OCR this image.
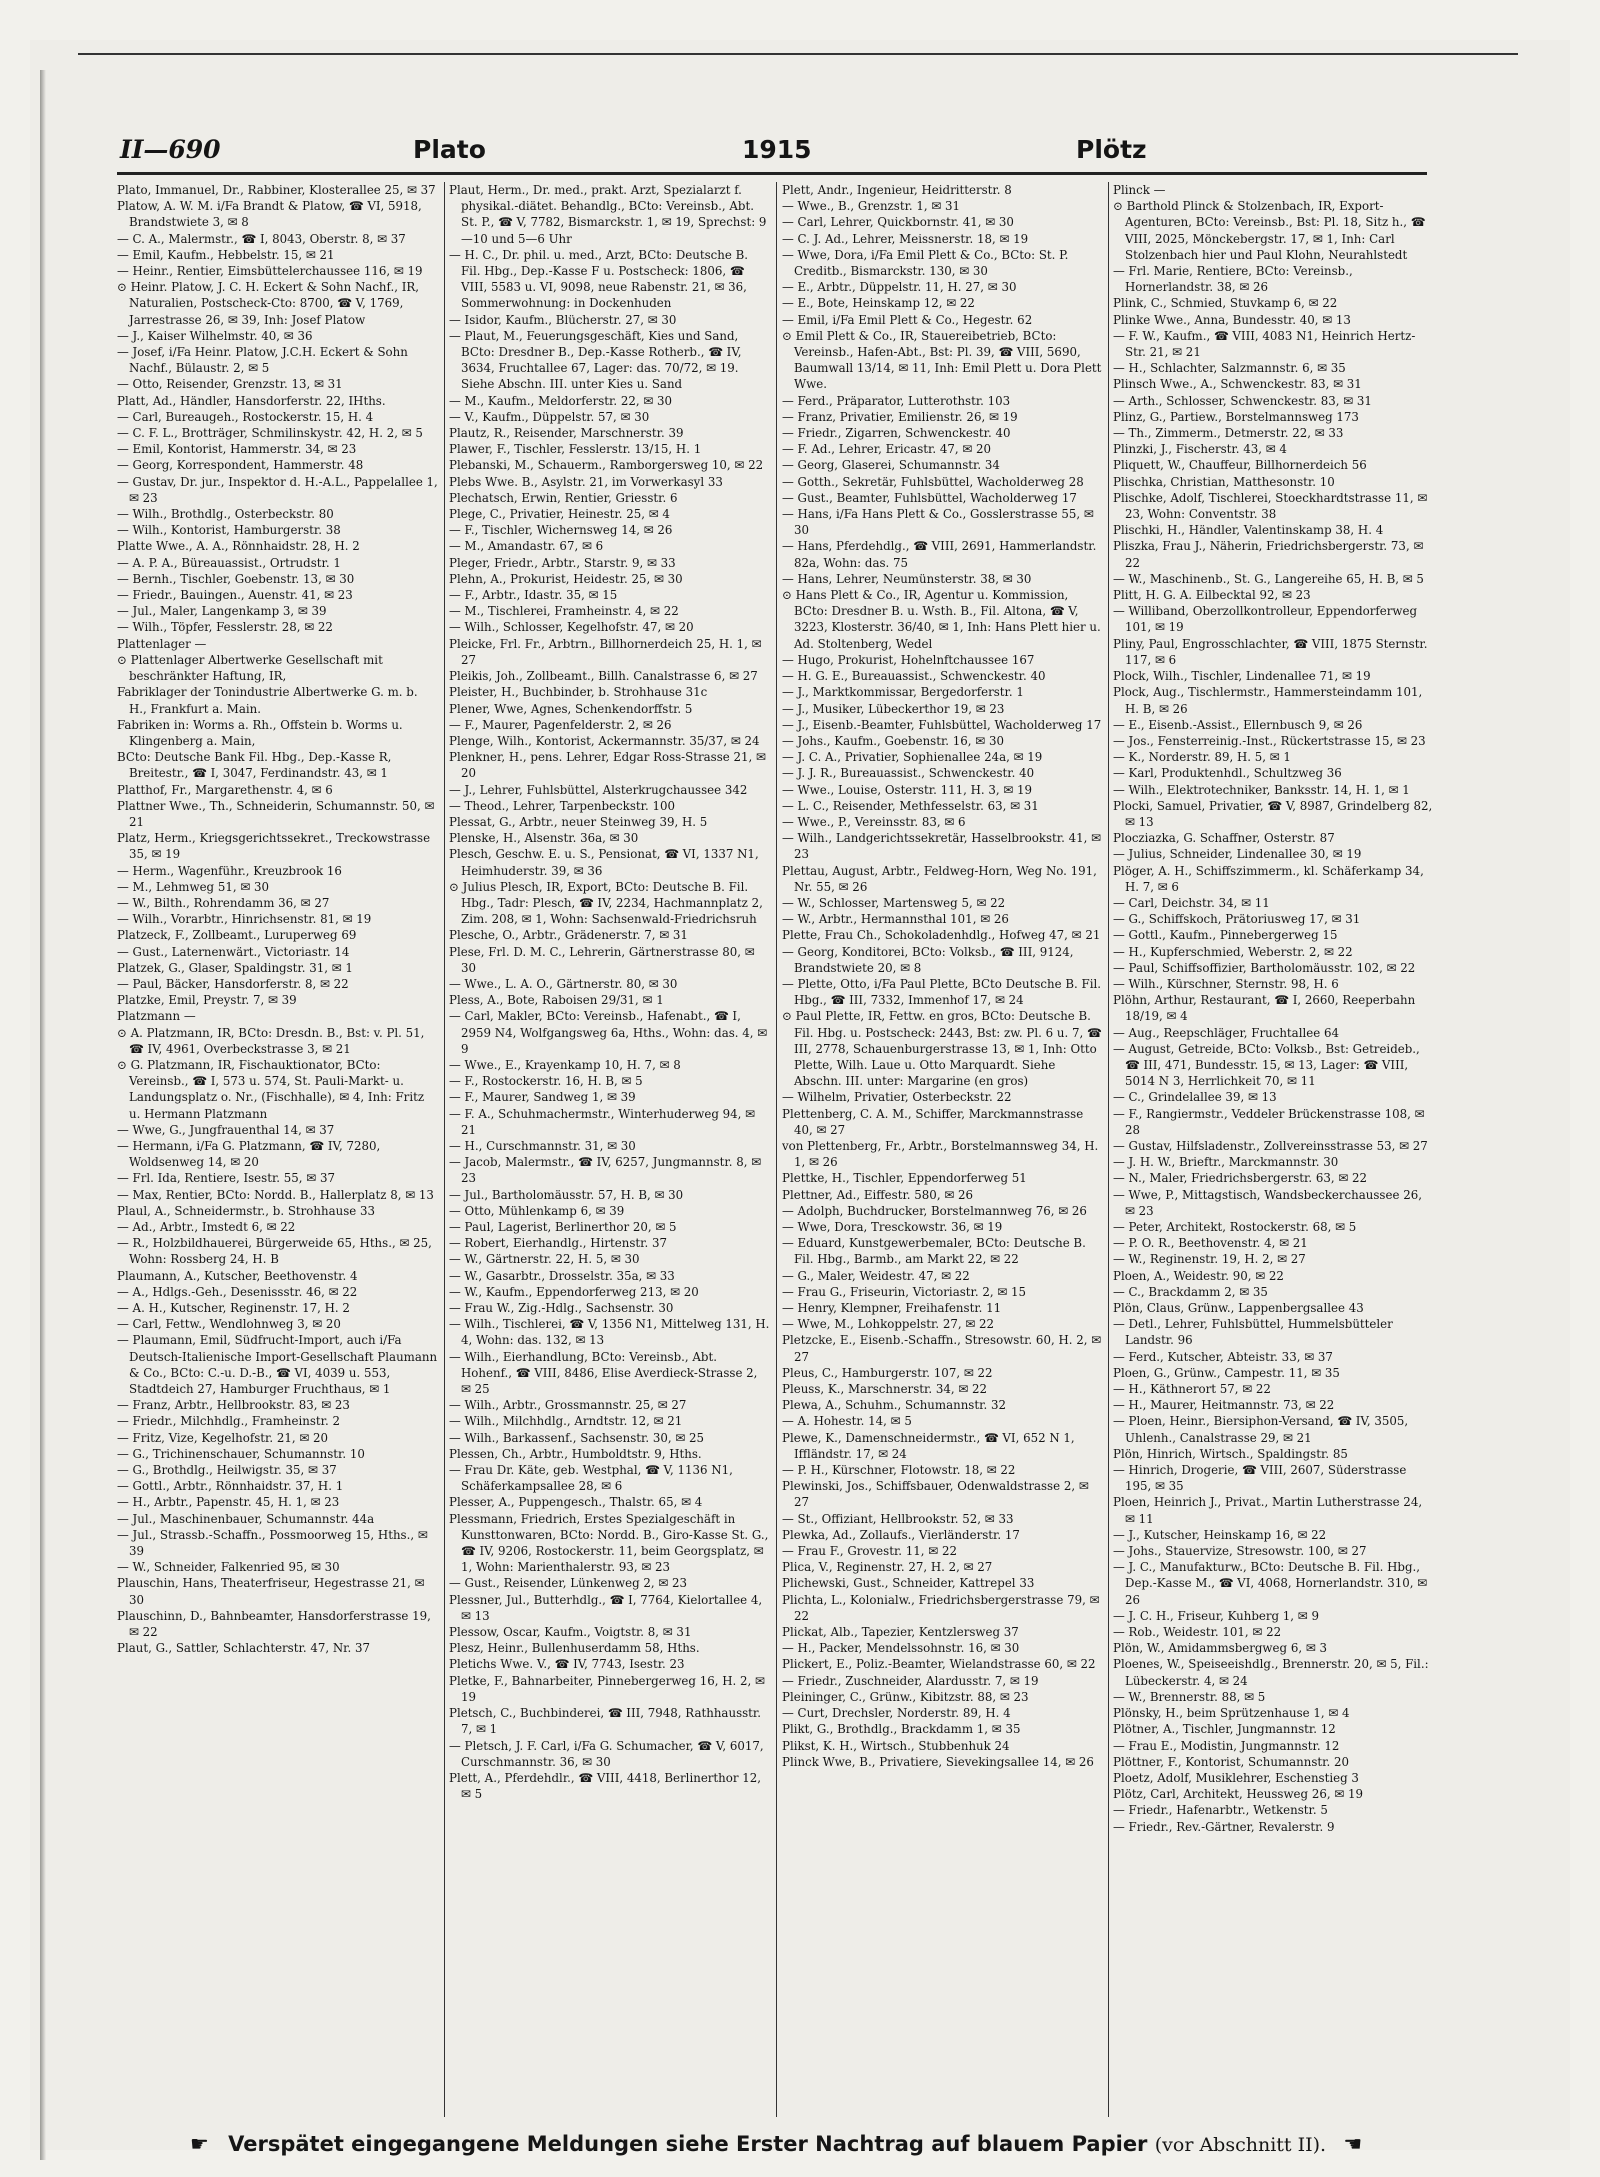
II—690	Plato	1915	Plötz

Plato, Immanuel, Dr., Rabbiner, Klosterallee 25, ✉ 37

Platow, A. W. M. i/Fa Brandt & Platow, ☎ VI, 5918, Brandstwiete 3, ✉ 8

— C. A., Malermstr., ☎ I, 8043, Oberstr. 8, ✉ 37

— Emil, Kaufm., Hebbelstr. 15, ✉ 21

— Heinr., Rentier, Eimsbüttelerchaussee 116, ✉ 19

⊙ Heinr. Platow, J. C. H. Eckert & Sohn Nachf., IR, Naturalien, Postscheck-Cto: 8700, ☎ V, 1769, Jarrestrasse 26, ✉ 39, Inh: Josef Platow

— J., Kaiser Wilhelmstr. 40, ✉ 36

— Josef, i/Fa Heinr. Platow, J.C.H. Eckert & Sohn Nachf., Bülaustr. 2, ✉ 5

— Otto, Reisender, Grenzstr. 13, ✉ 31

Platt, Ad., Händler, Hansdorferstr. 22, IHths.

— Carl, Bureaugeh., Rostockerstr. 15, H. 4

— C. F. L., Brotträger, Schmilinskystr. 42, H. 2, ✉ 5

— Emil, Kontorist, Hammerstr. 34, ✉ 23

— Georg, Korrespondent, Hammerstr. 48

— Gustav, Dr. jur., Inspektor d. H.-A.L., Pappelallee 1, ✉ 23

— Wilh., Brothdlg., Osterbeckstr. 80

— Wilh., Kontorist, Hamburgerstr. 38

Platte Wwe., A. A., Rönnhaidstr. 28, H. 2

— A. P. A., Büreauassist., Ortrudstr. 1

— Bernh., Tischler, Goebenstr. 13, ✉ 30

— Friedr., Bauingen., Auenstr. 41, ✉ 23

— Jul., Maler, Langenkamp 3, ✉ 39

— Wilh., Töpfer, Fesslerstr. 28, ✉ 22

Plattenlager —

⊙ Plattenlager Albertwerke Gesellschaft mit beschränkter Haftung, IR,

Fabriklager der Tonindustrie Albertwerke G. m. b. H., Frankfurt a. Main.

Fabriken in: Worms a. Rh., Offstein b. Worms u. Klingenberg a. Main,

BCto: Deutsche Bank Fil. Hbg., Dep.-Kasse R, Breitestr., ☎ I, 3047, Ferdinandstr. 43, ✉ 1

Platthof, Fr., Margarethenstr. 4, ✉ 6

Plattner Wwe., Th., Schneiderin, Schumannstr. 50, ✉ 21

Platz, Herm., Kriegsgerichtssekret., Treckowstrasse 35, ✉ 19

— Herm., Wagenführ., Kreuzbrook 16

— M., Lehmweg 51, ✉ 30

— W., Bilth., Rohrendamm 36, ✉ 27

— Wilh., Vorarbtr., Hinrichsenstr. 81, ✉ 19

Platzeck, F., Zollbeamt., Luruperweg 69

— Gust., Laternenwärt., Victoriastr. 14

Platzek, G., Glaser, Spaldingstr. 31, ✉ 1

— Paul, Bäcker, Hansdorferstr. 8, ✉ 22

Platzke, Emil, Preystr. 7, ✉ 39

Platzmann —

⊙ A. Platzmann, IR, BCto: Dresdn. B., Bst: v. Pl. 51, ☎ IV, 4961, Overbeckstrasse 3, ✉ 21

⊙ G. Platzmann, IR, Fischauktionator, BCto: Vereinsb., ☎ I, 573 u. 574, St. Pauli-Markt- u. Landungsplatz o. Nr., (Fischhalle), ✉ 4, Inh: Fritz u. Hermann Platzmann

— Wwe, G., Jungfrauenthal 14, ✉ 37

— Hermann, i/Fa G. Platzmann, ☎ IV, 7280, Woldsenweg 14, ✉ 20

— Frl. Ida, Rentiere, Isestr. 55, ✉ 37

— Max, Rentier, BCto: Nordd. B., Hallerplatz 8, ✉ 13

Plaul, A., Schneidermstr., b. Strohhause 33

— Ad., Arbtr., Imstedt 6, ✉ 22

— R., Holzbildhauerei, Bürgerweide 65, Hths., ✉ 25, Wohn: Rossberg 24, H. B

Plaumann, A., Kutscher, Beethovenstr. 4

— A., Hdlgs.-Geh., Desenissstr. 46, ✉ 22

— A. H., Kutscher, Reginenstr. 17, H. 2

— Carl, Fettw., Wendlohnweg 3, ✉ 20

— Plaumann, Emil, Südfrucht-Import, auch i/Fa Deutsch-Italienische Import-Gesellschaft Plaumann & Co., BCto: C.-u. D.-B., ☎ VI, 4039 u. 553, Stadtdeich 27, Hamburger Fruchthaus, ✉ 1

— Franz, Arbtr., Hellbrookstr. 83, ✉ 23

— Friedr., Milchhdlg., Framheinstr. 2

— Fritz, Vize, Kegelhofstr. 21, ✉ 20

— G., Trichinenschauer, Schumannstr. 10

— G., Brothdlg., Heilwigstr. 35, ✉ 37

— Gottl., Arbtr., Rönnhaidstr. 37, H. 1

— H., Arbtr., Papenstr. 45, H. 1, ✉ 23

— Jul., Maschinenbauer, Schumannstr. 44a

— Jul., Strassb.-Schaffn., Possmoorweg 15, Hths., ✉ 39

— W., Schneider, Falkenried 95, ✉ 30

Plauschin, Hans, Theaterfriseur, Hegestrasse 21, ✉ 30

Plauschinn, D., Bahnbeamter, Hansdorferstrasse 19, ✉ 22

Plaut, G., Sattler, Schlachterstr. 47, Nr. 37

Plaut, Herm., Dr. med., prakt. Arzt, Spezialarzt f. physikal.-diätet. Behandlg., BCto: Vereinsb., Abt. St. P., ☎ V, 7782, Bismarckstr. 1, ✉ 19, Sprechst: 9—10 und 5—6 Uhr

— H. C., Dr. phil. u. med., Arzt, BCto: Deutsche B. Fil. Hbg., Dep.-Kasse F u. Postscheck: 1806, ☎ VIII, 5583 u. VI, 9098, neue Rabenstr. 21, ✉ 36, Sommerwohnung: in Dockenhuden

— Isidor, Kaufm., Blücherstr. 27, ✉ 30

— Plaut, M., Feuerungsgeschäft, Kies und Sand, BCto: Dresdner B., Dep.-Kasse Rotherb., ☎ IV, 3634, Fruchtallee 67, Lager: das. 70/72, ✉ 19. Siehe Abschn. III. unter Kies u. Sand

— M., Kaufm., Meldorferstr. 22, ✉ 30

— V., Kaufm., Düppelstr. 57, ✉ 30

Plautz, R., Reisender, Marschnerstr. 39

Plawer, F., Tischler, Fesslerstr. 13/15, H. 1

Plebanski, M., Schauerm., Ramborgersweg 10, ✉ 22

Plebs Wwe. B., Asylstr. 21, im Vorwerkasyl 33

Plechatsch, Erwin, Rentier, Griesstr. 6

Plege, C., Privatier, Heinestr. 25, ✉ 4

— F., Tischler, Wichernsweg 14, ✉ 26

— M., Amandastr. 67, ✉ 6

Pleger, Friedr., Arbtr., Starstr. 9, ✉ 33

Plehn, A., Prokurist, Heidestr. 25, ✉ 30

— F., Arbtr., Idastr. 35, ✉ 15

— M., Tischlerei, Framheinstr. 4, ✉ 22

— Wilh., Schlosser, Kegelhofstr. 47, ✉ 20

Pleicke, Frl. Fr., Arbtrn., Billhornerdeich 25, H. 1, ✉ 27

Pleikis, Joh., Zollbeamt., Billh. Canalstrasse 6, ✉ 27

Pleister, H., Buchbinder, b. Strohhause 31c

Plener, Wwe, Agnes, Schenkendorffstr. 5

— F., Maurer, Pagenfelderstr. 2, ✉ 26

Plenge, Wilh., Kontorist, Ackermannstr. 35/37, ✉ 24

Plenkner, H., pens. Lehrer, Edgar Ross-Strasse 21, ✉ 20

— J., Lehrer, Fuhlsbüttel, Alsterkrugchaussee 342

— Theod., Lehrer, Tarpenbeckstr. 100

Plessat, G., Arbtr., neuer Steinweg 39, H. 5

Plenske, H., Alsenstr. 36a, ✉ 30

Plesch, Geschw. E. u. S., Pensionat, ☎ VI, 1337 N1, Heimhuderstr. 39, ✉ 36

⊙ Julius Plesch, IR, Export, BCto: Deutsche B. Fil. Hbg., Tadr: Plesch, ☎ IV, 2234, Hachmannplatz 2, Zim. 208, ✉ 1, Wohn: Sachsenwald-Friedrichsruh

Plesche, O., Arbtr., Grädenerstr. 7, ✉ 31

Plese, Frl. D. M. C., Lehrerin, Gärtnerstrasse 80, ✉ 30

— Wwe., L. A. O., Gärtnerstr. 80, ✉ 30

Pless, A., Bote, Raboisen 29/31, ✉ 1

— Carl, Makler, BCto: Vereinsb., Hafenabt., ☎ I, 2959 N4, Wolfgangsweg 6a, Hths., Wohn: das. 4, ✉ 9

— Wwe., E., Krayenkamp 10, H. 7, ✉ 8

— F., Rostockerstr. 16, H. B, ✉ 5

— F., Maurer, Sandweg 1, ✉ 39

— F. A., Schuhmachermstr., Winterhuderweg 94, ✉ 21

— H., Curschmannstr. 31, ✉ 30

— Jacob, Malermstr., ☎ IV, 6257, Jungmannstr. 8, ✉ 23

— Jul., Bartholomäusstr. 57, H. B, ✉ 30

— Otto, Mühlenkamp 6, ✉ 39

— Paul, Lagerist, Berlinerthor 20, ✉ 5

— Robert, Eierhandlg., Hirtenstr. 37

— W., Gärtnerstr. 22, H. 5, ✉ 30

— W., Gasarbtr., Drosselstr. 35a, ✉ 33

— W., Kaufm., Eppendorferweg 213, ✉ 20

— Frau W., Zig.-Hdlg., Sachsenstr. 30

— Wilh., Tischlerei, ☎ V, 1356 N1, Mittelweg 131, H. 4, Wohn: das. 132, ✉ 13

— Wilh., Eierhandlung, BCto: Vereinsb., Abt. Hohenf., ☎ VIII, 8486, Elise Averdieck-Strasse 2, ✉ 25

— Wilh., Arbtr., Grossmannstr. 25, ✉ 27

— Wilh., Milchhdlg., Arndtstr. 12, ✉ 21

— Wilh., Barkassenf., Sachsenstr. 30, ✉ 25

Plessen, Ch., Arbtr., Humboldtstr. 9, Hths.

— Frau Dr. Käte, geb. Westphal, ☎ V, 1136 N1, Schäferkampsallee 28, ✉ 6

Plesser, A., Puppengesch., Thalstr. 65, ✉ 4

Plessmann, Friedrich, Erstes Spezialgeschäft in Kunsttonwaren, BCto: Nordd. B., Giro-Kasse St. G., ☎ IV, 9206, Rostockerstr. 11, beim Georgsplatz, ✉ 1, Wohn: Marienthalerstr. 93, ✉ 23

— Gust., Reisender, Lünkenweg 2, ✉ 23

Plessner, Jul., Butterhdlg., ☎ I, 7764, Kielortallee 4, ✉ 13

Plessow, Oscar, Kaufm., Voigtstr. 8, ✉ 31

Plesz, Heinr., Bullenhuserdamm 58, Hths.

Pletichs Wwe. V., ☎ IV, 7743, Isestr. 23

Pletke, F., Bahnarbeiter, Pinnebergerweg 16, H. 2, ✉ 19

Pletsch, C., Buchbinderei, ☎ III, 7948, Rathhausstr. 7, ✉ 1

— Pletsch, J. F. Carl, i/Fa G. Schumacher, ☎ V, 6017, Curschmannstr. 36, ✉ 30

Plett, A., Pferdehdlr., ☎ VIII, 4418, Berlinerthor 12, ✉ 5

Plett, Andr., Ingenieur, Heidritterstr. 8

— Wwe., B., Grenzstr. 1, ✉ 31

— Carl, Lehrer, Quickbornstr. 41, ✉ 30

— C. J. Ad., Lehrer, Meissnerstr. 18, ✉ 19

— Wwe, Dora, i/Fa Emil Plett & Co., BCto: St. P. Creditb., Bismarckstr. 130, ✉ 30

— E., Arbtr., Düppelstr. 11, H. 27, ✉ 30

— E., Bote, Heinskamp 12, ✉ 22

— Emil, i/Fa Emil Plett & Co., Hegestr. 62

⊙ Emil Plett & Co., IR, Stauereibetrieb, BCto: Vereinsb., Hafen-Abt., Bst: Pl. 39, ☎ VIII, 5690, Baumwall 13/14, ✉ 11, Inh: Emil Plett u. Dora Plett Wwe.

— Ferd., Präparator, Lutterothstr. 103

— Franz, Privatier, Emilienstr. 26, ✉ 19

— Friedr., Zigarren, Schwenckestr. 40

— F. Ad., Lehrer, Ericastr. 47, ✉ 20

— Georg, Glaserei, Schumannstr. 34

— Gotth., Sekretär, Fuhlsbüttel, Wacholderweg 28

— Gust., Beamter, Fuhlsbüttel, Wacholderweg 17

— Hans, i/Fa Hans Plett & Co., Gosslerstrasse 55, ✉ 30

— Hans, Pferdehdlg., ☎ VIII, 2691, Hammerlandstr. 82a, Wohn: das. 75

— Hans, Lehrer, Neumünsterstr. 38, ✉ 30

⊙ Hans Plett & Co., IR, Agentur u. Kommission, BCto: Dresdner B. u. Wsth. B., Fil. Altona, ☎ V, 3223, Klosterstr. 36/40, ✉ 1, Inh: Hans Plett hier u. Ad. Stoltenberg, Wedel

— Hugo, Prokurist, Hohelnftchaussee 167

— H. G. E., Bureauassist., Schwenckestr. 40

— J., Marktkommissar, Bergedorferstr. 1

— J., Musiker, Lübeckerthor 19, ✉ 23

— J., Eisenb.-Beamter, Fuhlsbüttel, Wacholderweg 17

— Johs., Kaufm., Goebenstr. 16, ✉ 30

— J. C. A., Privatier, Sophienallee 24a, ✉ 19

— J. J. R., Bureauassist., Schwenckestr. 40

— Wwe., Louise, Osterstr. 111, H. 3, ✉ 19

— L. C., Reisender, Methfesselstr. 63, ✉ 31

— Wwe., P., Vereinsstr. 83, ✉ 6

— Wilh., Landgerichtssekretär, Hasselbrookstr. 41, ✉ 23

Plettau, August, Arbtr., Feldweg-Horn, Weg No. 191, Nr. 55, ✉ 26

— W., Schlosser, Martensweg 5, ✉ 22

— W., Arbtr., Hermannsthal 101, ✉ 26

Plette, Frau Ch., Schokoladenhdlg., Hofweg 47, ✉ 21

— Georg, Konditorei, BCto: Volksb., ☎ III, 9124, Brandstwiete 20, ✉ 8

— Plette, Otto, i/Fa Paul Plette, BCto Deutsche B. Fil. Hbg., ☎ III, 7332, Immenhof 17, ✉ 24

⊙ Paul Plette, IR, Fettw. en gros, BCto: Deutsche B. Fil. Hbg. u. Postscheck: 2443, Bst: zw. Pl. 6 u. 7, ☎ III, 2778, Schauenburgerstrasse 13, ✉ 1, Inh: Otto Plette, Wilh. Laue u. Otto Marquardt. Siehe Abschn. III. unter: Margarine (en gros)

— Wilhelm, Privatier, Osterbeckstr. 22

Plettenberg, C. A. M., Schiffer, Marckmannstrasse 40, ✉ 27

von Plettenberg, Fr., Arbtr., Borstelmannsweg 34, H. 1, ✉ 26

Plettke, H., Tischler, Eppendorferweg 51

Plettner, Ad., Eiffestr. 580, ✉ 26

— Adolph, Buchdrucker, Borstelmannweg 76, ✉ 26

— Wwe, Dora, Tresckowstr. 36, ✉ 19

— Eduard, Kunstgewerbemaler, BCto: Deutsche B. Fil. Hbg., Barmb., am Markt 22, ✉ 22

— G., Maler, Weidestr. 47, ✉ 22

— Frau G., Friseurin, Victoriastr. 2, ✉ 15

— Henry, Klempner, Freihafenstr. 11

— Wwe, M., Lohkoppelstr. 27, ✉ 22

Pletzcke, E., Eisenb.-Schaffn., Stresowstr. 60, H. 2, ✉ 27

Pleus, C., Hamburgerstr. 107, ✉ 22

Pleuss, K., Marschnerstr. 34, ✉ 22

Plewa, A., Schuhm., Schumannstr. 32

— A. Hohestr. 14, ✉ 5

Plewe, K., Damenschneidermstr., ☎ VI, 652 N 1, Iffländstr. 17, ✉ 24

— P. H., Kürschner, Flotowstr. 18, ✉ 22

Plewinski, Jos., Schiffsbauer, Odenwaldstrasse 2, ✉ 27

— St., Offiziant, Hellbrookstr. 52, ✉ 33

Plewka, Ad., Zollaufs., Vierländerstr. 17

— Frau F., Grovestr. 11, ✉ 22

Plica, V., Reginenstr. 27, H. 2, ✉ 27

Plichewski, Gust., Schneider, Kattrepel 33

Plichta, L., Kolonialw., Friedrichsbergerstrasse 79, ✉ 22

Plickat, Alb., Tapezier, Kentzlersweg 37

— H., Packer, Mendelssohnstr. 16, ✉ 30

Plickert, E., Poliz.-Beamter, Wielandstrasse 60, ✉ 22

— Friedr., Zuschneider, Alardusstr. 7, ✉ 19

Pleininger, C., Grünw., Kibitzstr. 88, ✉ 23

— Curt, Drechsler, Norderstr. 89, H. 4

Plikt, G., Brothdlg., Brackdamm 1, ✉ 35

Plikst, K. H., Wirtsch., Stubbenhuk 24

Plinck Wwe, B., Privatiere, Sievekingsallee 14, ✉ 26

Plinck —

⊙ Barthold Plinck & Stolzenbach, IR, Export-Agenturen, BCto: Vereinsb., Bst: Pl. 18, Sitz h., ☎ VIII, 2025, Mönckebergstr. 17, ✉ 1, Inh: Carl Stolzenbach hier und Paul Klohn, Neurahlstedt

— Frl. Marie, Rentiere, BCto: Vereinsb., Hornerlandstr. 38, ✉ 26

Plink, C., Schmied, Stuvkamp 6, ✉ 22

Plinke Wwe., Anna, Bundesstr. 40, ✉ 13

— F. W., Kaufm., ☎ VIII, 4083 N1, Heinrich Hertz-Str. 21, ✉ 21

— H., Schlachter, Salzmannstr. 6, ✉ 35

Plinsch Wwe., A., Schwenckestr. 83, ✉ 31

— Arth., Schlosser, Schwenckestr. 83, ✉ 31

Plinz, G., Partiew., Borstelmannsweg 173

— Th., Zimmerm., Detmerstr. 22, ✉ 33

Plinzki, J., Fischerstr. 43, ✉ 4

Pliquett, W., Chauffeur, Billhornerdeich 56

Plischka, Christian, Matthesonstr. 10

Plischke, Adolf, Tischlerei, Stoeckhardtstrasse 11, ✉ 23, Wohn: Conventstr. 38

Plischki, H., Händler, Valentinskamp 38, H. 4

Pliszka, Frau J., Näherin, Friedrichsbergerstr. 73, ✉ 22

— W., Maschinenb., St. G., Langereihe 65, H. B, ✉ 5

Plitt, H. G. A. Eilbecktal 92, ✉ 23

— Williband, Oberzollkontrolleur, Eppendorferweg 101, ✉ 19

Pliny, Paul, Engrosschlachter, ☎ VIII, 1875 Sternstr. 117, ✉ 6

Plock, Wilh., Tischler, Lindenallee 71, ✉ 19

Plock, Aug., Tischlermstr., Hammersteindamm 101, H. B, ✉ 26

— E., Eisenb.-Assist., Ellernbusch 9, ✉ 26

— Jos., Fensterreinig.-Inst., Rückertstrasse 15, ✉ 23

— K., Norderstr. 89, H. 5, ✉ 1

— Karl, Produktenhdl., Schultzweg 36

— Wilh., Elektrotechniker, Banksstr. 14, H. 1, ✉ 1

Plocki, Samuel, Privatier, ☎ V, 8987, Grindelberg 82, ✉ 13

Plocziazka, G. Schaffner, Osterstr. 87

— Julius, Schneider, Lindenallee 30, ✉ 19

Plöger, A. H., Schiffszimmerm., kl. Schäferkamp 34, H. 7, ✉ 6

— Carl, Deichstr. 34, ✉ 11

— G., Schiffskoch, Prätoriusweg 17, ✉ 31

— Gottl., Kaufm., Pinnebergerweg 15

— H., Kupferschmied, Weberstr. 2, ✉ 22

— Paul, Schiffsoffizier, Bartholomäusstr. 102, ✉ 22

— Wilh., Kürschner, Sternstr. 98, H. 6

Plöhn, Arthur, Restaurant, ☎ I, 2660, Reeperbahn 18/19, ✉ 4

— Aug., Reepschläger, Fruchtallee 64

— August, Getreide, BCto: Volksb., Bst: Getreideb., ☎ III, 471, Bundesstr. 15, ✉ 13, Lager: ☎ VIII, 5014 N 3, Herrlichkeit 70, ✉ 11

— C., Grindelallee 39, ✉ 13

— F., Rangiermstr., Veddeler Brückenstrasse 108, ✉ 28

— Gustav, Hilfsladenstr., Zollvereinsstrasse 53, ✉ 27

— J. H. W., Brieftr., Marckmannstr. 30

— N., Maler, Friedrichsbergerstr. 63, ✉ 22

— Wwe, P., Mittagstisch, Wandsbeckerchaussee 26, ✉ 23

— Peter, Architekt, Rostockerstr. 68, ✉ 5

— P. O. R., Beethovenstr. 4, ✉ 21

— W., Reginenstr. 19, H. 2, ✉ 27

Ploen, A., Weidestr. 90, ✉ 22

— C., Brackdamm 2, ✉ 35

Plön, Claus, Grünw., Lappenbergsallee 43

— Detl., Lehrer, Fuhlsbüttel, Hummelsbütteler Landstr. 96

— Ferd., Kutscher, Abteistr. 33, ✉ 37

Ploen, G., Grünw., Campestr. 11, ✉ 35

— H., Käthnerort 57, ✉ 22

— H., Maurer, Heitmannstr. 73, ✉ 22

— Ploen, Heinr., Biersiphon-Versand, ☎ IV, 3505, Uhlenh., Canalstrasse 29, ✉ 21

Plön, Hinrich, Wirtsch., Spaldingstr. 85

— Hinrich, Drogerie, ☎ VIII, 2607, Süderstrasse 195, ✉ 35

Ploen, Heinrich J., Privat., Martin Lutherstrasse 24, ✉ 11

— J., Kutscher, Heinskamp 16, ✉ 22

— Johs., Stauervize, Stresowstr. 100, ✉ 27

— J. C., Manufakturw., BCto: Deutsche B. Fil. Hbg., Dep.-Kasse M., ☎ VI, 4068, Hornerlandstr. 310, ✉ 26

— J. C. H., Friseur, Kuhberg 1, ✉ 9

— Rob., Weidestr. 101, ✉ 22

Plön, W., Amidammsbergweg 6, ✉ 3

Ploenes, W., Speiseeishdlg., Brennerstr. 20, ✉ 5, Fil.: Lübeckerstr. 4, ✉ 24

— W., Brennerstr. 88, ✉ 5

Plönsky, H., beim Sprützenhause 1, ✉ 4

Plötner, A., Tischler, Jungmannstr. 12

— Frau E., Modistin, Jungmannstr. 12

Plöttner, F., Kontorist, Schumannstr. 20

Ploetz, Adolf, Musiklehrer, Eschenstieg 3

Plötz, Carl, Architekt, Heussweg 26, ✉ 19

— Friedr., Hafenarbtr., Wetkenstr. 5

— Friedr., Rev.-Gärtner, Revalerstr. 9

☛ Verspätet eingegangene Meldungen siehe Erster Nachtrag auf blauem Papier (vor Abschnitt II). ☚
